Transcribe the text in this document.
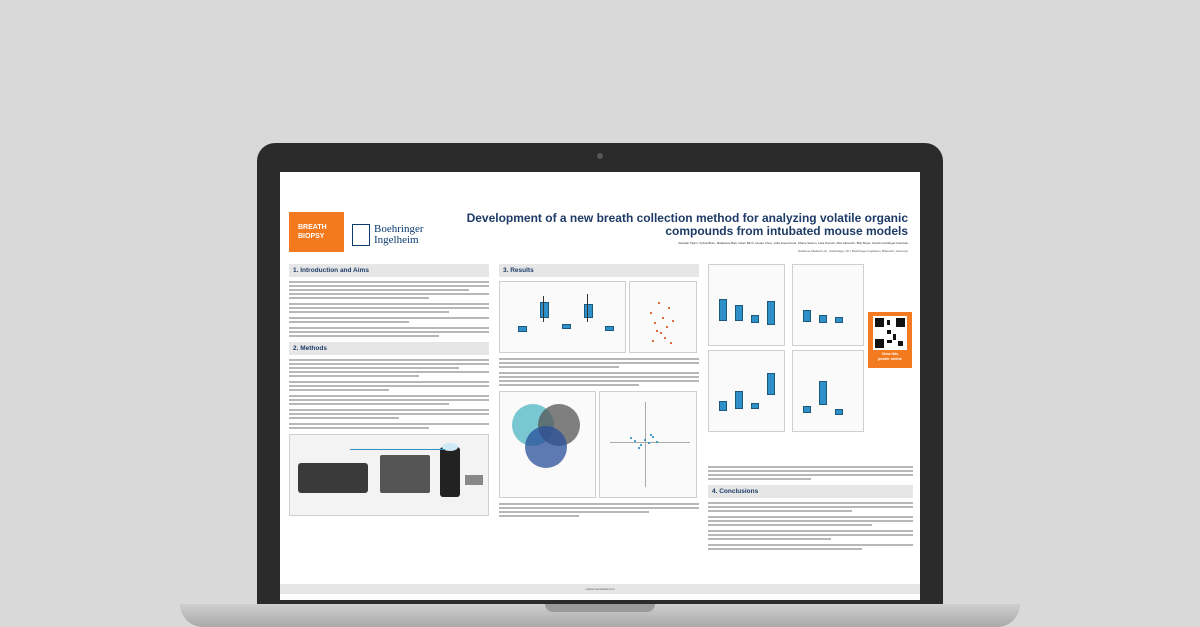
BREATH
BIOPSY
Boehringer
Ingelheim
Development of a new breath collection method for analyzing volatile organic
compounds from intubated mouse models
Alasdair Taylor, Sylvia Blum, Madeleine Ball, Owen Birch, Hsuan Chou, Julia Greenwood, Shane Swann, Lara Pocock, Max Allsworth, Billy Boyle, Karolin Geißinger-Kaschke
Owlstone Medical Ltd., Cambridge, UK / Boehringer Ingelheim, Biberach, Germany
1. Introduction and Aims
2. Methods
3. Results
4. Conclusions
View this
poster online
owlstonemedical.com
